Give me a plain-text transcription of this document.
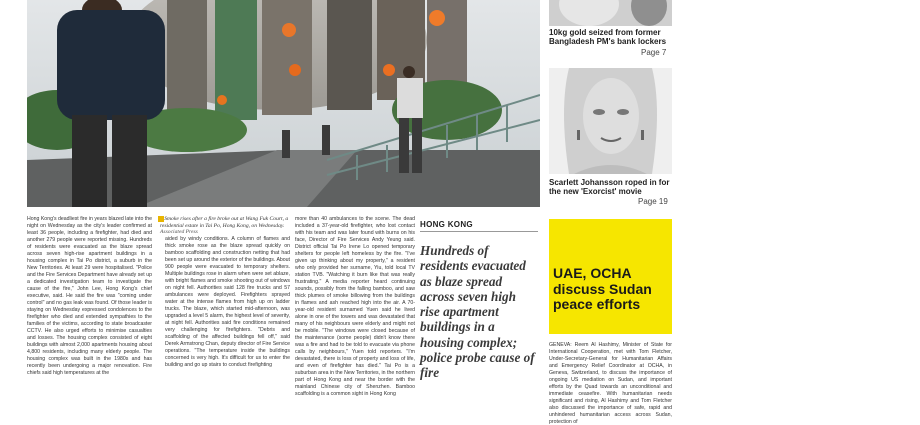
Hong Kong's deadliest fire in years blazed late into the night on Wednesday as the city's leader confirmed at least 36 people, including a firefighter, had died and another 279 people were reported missing. Hundreds of residents were evacuated as the blaze spread across seven high-rise apartment buildings in a housing complex in Tai Po district, a suburb in the New Territories. At least 29 were hospitalised. "Police and the Fire Services Department have already set up a dedicated investigation team to investigate the cause of the fire," John Lee, Hong Kong's chief executive, said. He said the fire was "coming under control" and no gas leak was found. Of those leader is staying on Wednesday expressed condolences to the firefighter who died and extended sympathies to the families of the victims, according to state broadcaster CCTV. He also urged efforts to minimise casualties and losses. The housing complex consisted of eight buildings with almost 2,000 apartments housing about 4,800 residents, including many elderly people. The housing complex was built in the 1980s and has recently been undergoing a major renovation. Fire chiefs said high temperatures at the
Smoke rises after a fire broke out at Wang Fuk Court, a residential estate in Tai Po, Hong Kong, on Wednesday. Associated Press
aided by windy conditions. A column of flames and thick smoke rose as the blaze spread quickly on bamboo scaffolding and construction netting that had been set up around the exterior of the buildings. About 900 people were evacuated to temporary shelters. Multiple buildings rose in alarm when were set ablaze, with bright flames and smoke shooting out of windows on night fell. Authorities said 128 fire trucks and 57 ambulances were deployed. Firefighters sprayed water at the intense flames from high up on ladder trucks. The blaze, which started mid-afternoon, was upgraded a level 5 alarm, the highest level of severity, at night fell. Authorities said fire conditions remained very challenging for firefighters. "Debris and scaffolding of the affected buildings fell off," said Derek Armstrong Chan, deputy director of Fire Service operations. "The temperature inside the buildings concerned is very high. It's difficult for us to enter the building and go up stairs to conduct firefighting
more than 40 ambulances to the scene. The dead included a 37-year-old firefighter, who lost contact with his team and was later found with burns on his face, Director of Fire Services Andy Yeung said. District official Tai Po Irene Lo opened temporary shelters for people left homeless by the fire. "I've given up thinking about my property," a resident who only provided her surname, Yiu, told local TV station TVB. "Watching it burn like that was really frustrating." A media reporter heard continuing sounds, possibly from the falling bamboo, and saw thick plumes of smoke billowing from the buildings in flames and ash reached high into the air. A 70-year-old resident surnamed Yuen said he lived alone in one of the towers and was devastated that many of his neighbours were elderly and might not be mobile. "The windows were closed because of the maintenance (some people) didn't know there was a fire and had to be told to evacuate via phone calls by neighbours," Yuen told reporters. "I'm devastated, there is loss of property and loss of life, and even of firefighter has died." Tai Po is a suburban area in the New Territories, in the northern part of Hong Kong and near the border with the mainland Chinese city of Shenzhen. Bamboo scaffolding is a common sight in Hong Kong
HONG KONG
Hundreds of residents evacuated as blaze spread across seven high rise apartment buildings in a housing complex; police probe cause of fire
10kg gold seized from former Bangladesh PM's bank lockers
Page 7
Scarlett Johansson roped in for the new 'Exorcist' movie
Page 19
UAE, OCHA discuss Sudan peace efforts
GENEVA: Reem Al Hashimy, Minister of State for International Cooperation, met with Tom Fletcher, Under-Secretary-General for Humanitarian Affairs and Emergency Relief Coordinator at OCHA, in Geneva, Switzerland, to discuss the importance of ongoing US mediation on Sudan, and important efforts by the Quad towards an unconditional and immediate ceasefire. With humanitarian needs significant and rising, Al Hashimy and Tom Fletcher also discussed the importance of safe, rapid and unhindered humanitarian access across Sudan, protection of
